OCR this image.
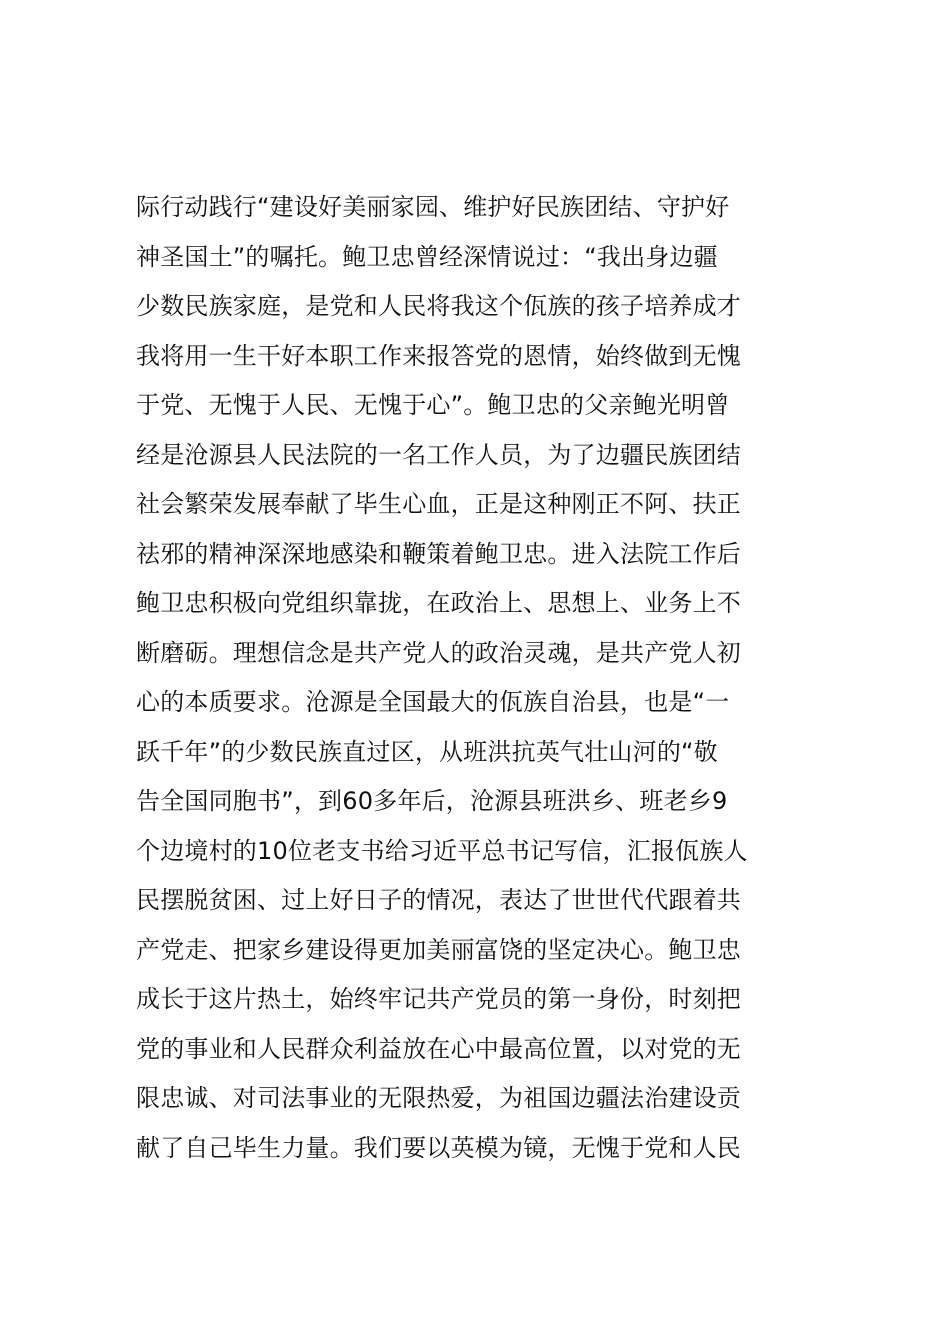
际行动践行“建设好美丽家园、维护好民族团结、守护好
神圣国土”的嘱托。鲍卫忠曾经深情说过：“我出身边疆
少数民族家庭，是党和人民将我这个佤族的孩子培养成才
我将用一生干好本职工作来报答党的恩情，始终做到无愧
于党、无愧于人民、无愧于心”。鲍卫忠的父亲鲍光明曾
经是沧源县人民法院的一名工作人员，为了边疆民族团结
社会繁荣发展奉献了毕生心血，正是这种刚正不阿、扶正
祛邪的精神深深地感染和鞭策着鲍卫忠。进入法院工作后
鲍卫忠积极向党组织靠拢，在政治上、思想上、业务上不
断磨砺。理想信念是共产党人的政治灵魂，是共产党人初
心的本质要求。沧源是全国最大的佤族自治县，也是“一
跃千年”的少数民族直过区，从班洪抗英气壮山河的“敬
告全国同胞书”，到60多年后，沧源县班洪乡、班老乡9
个边境村的10位老支书给习近平总书记写信，汇报佤族人
民摆脱贫困、过上好日子的情况，表达了世世代代跟着共
产党走、把家乡建设得更加美丽富饶的坚定决心。鲍卫忠
成长于这片热土，始终牢记共产党员的第一身份，时刻把
党的事业和人民群众利益放在心中最高位置，以对党的无
限忠诚、对司法事业的无限热爱，为祖国边疆法治建设贡
献了自己毕生力量。我们要以英模为镜，无愧于党和人民
